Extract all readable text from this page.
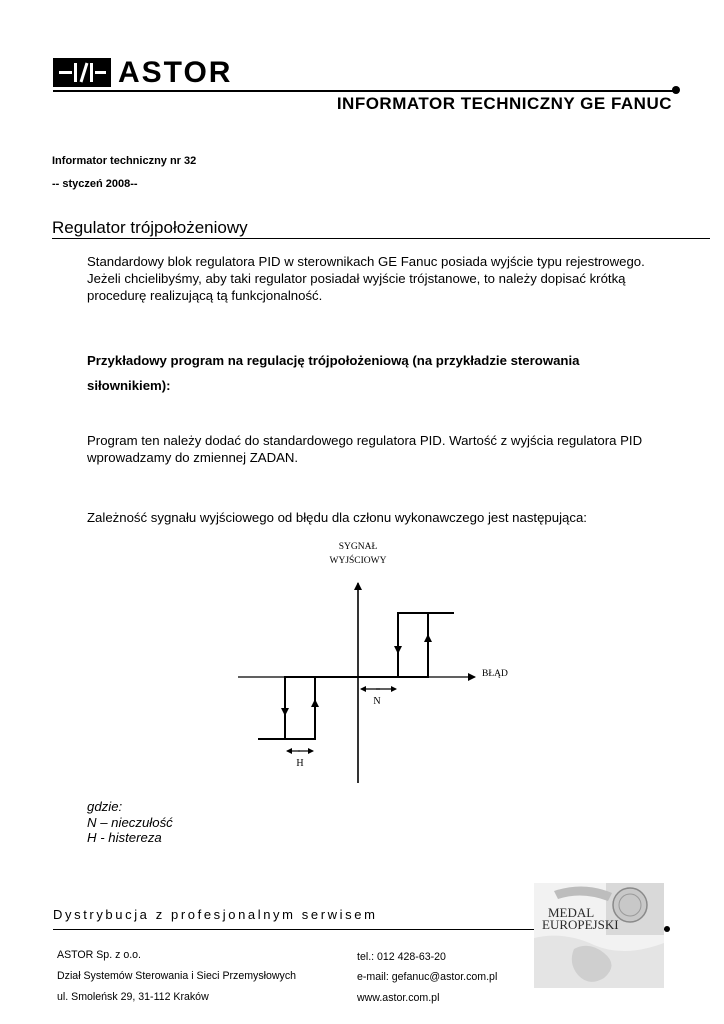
ASTOR
INFORMATOR TECHNICZNY GE FANUC
Informator techniczny nr 32
-- styczeń 2008--
Regulator trójpołożeniowy
Standardowy blok regulatora PID w sterownikach GE Fanuc posiada wyjście typu rejestrowego.
Jeżeli chcielibyśmy, aby taki regulator posiadał wyjście trójstanowe, to należy dopisać krótką
procedurę realizującą tą funkcjonalność.
Przykładowy program na regulację trójpołożeniową (na przykładzie sterowania
siłownikiem):
Program ten należy dodać do standardowego regulatora PID. Wartość z wyjścia regulatora PID
wprowadzamy do zmiennej ZADAN.
Zależność sygnału wyjściowego od błędu dla członu wykonawczego jest następująca:
SYGNAŁ
WYJŚCIOWY
BŁĄD
N
H
gdzie:
N – nieczułość
H - histereza
Dystrybucja z profesjonalnym serwisem
ASTOR Sp. z o.o.
Dział Systemów Sterowania i Sieci Przemysłowych
ul. Smoleńsk 29, 31-112 Kraków
tel.: 012 428-63-20
e-mail: gefanuc@astor.com.pl
www.astor.com.pl
MEDAL
EUROPEJSKI
